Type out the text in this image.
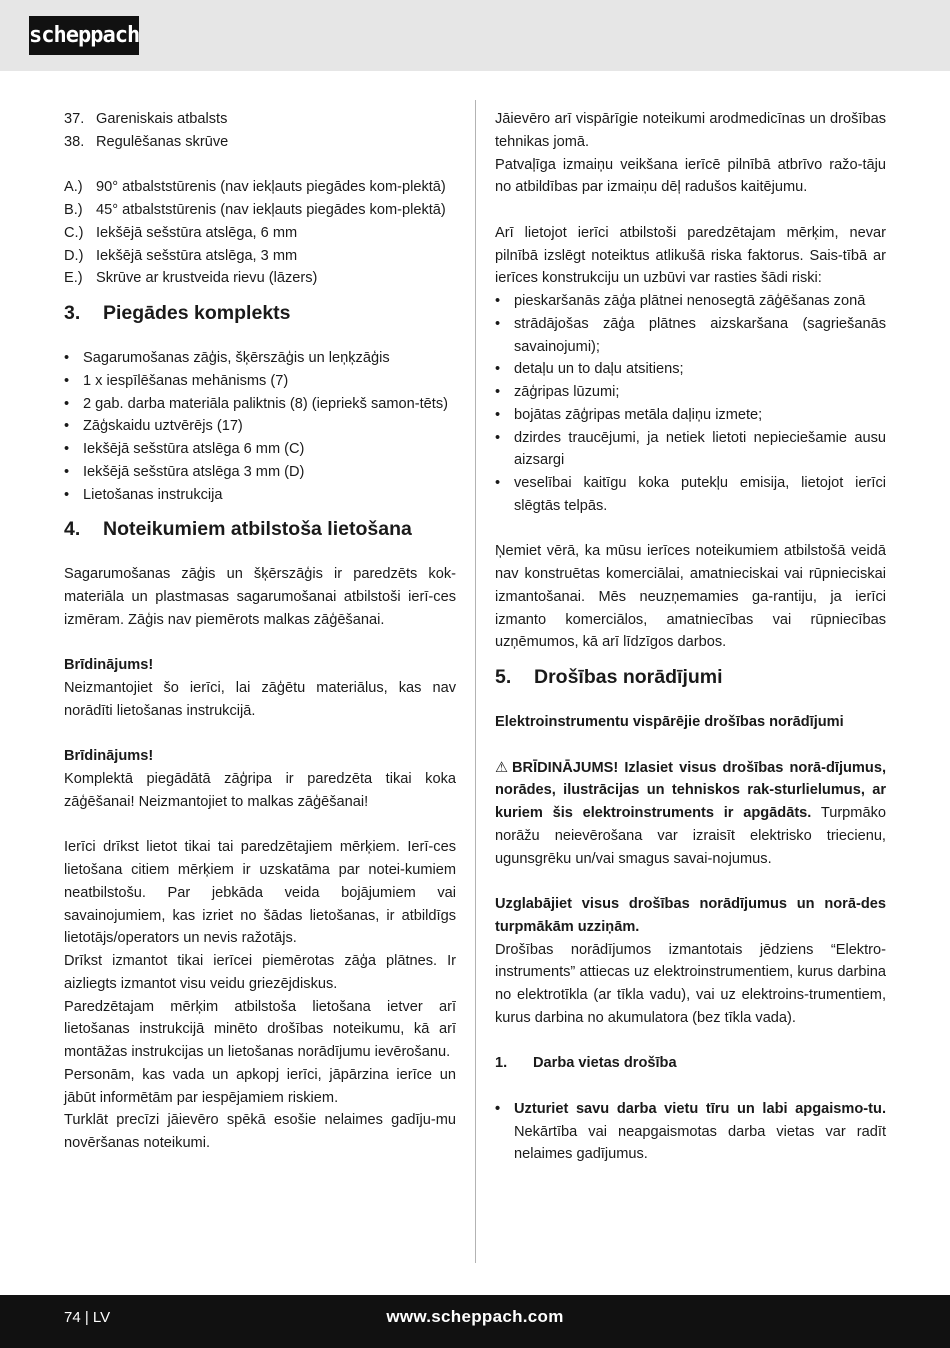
scheppach
37. Gareniskais atbalsts
38. Regulēšanas skrūve
A.) 90° atbalststūrenis (nav iekļauts piegādes kom-plektā)
B.) 45° atbalststūrenis (nav iekļauts piegādes kom-plektā)
C.) Iekšējā sešstūra atslēga, 6 mm
D.) Iekšējā sešstūra atslēga, 3 mm
E.) Skrūve ar krustveida rievu (lāzers)
3.	Piegādes komplekts
• Sagarumošanas zāģis, šķērszāģis un leņķzāģis
• 1 x iespīlēšanas mehānisms (7)
• 2 gab. darba materiāla paliktnis (8) (iepriekš samon-tēts)
• Zāģskaidu uztvērējs (17)
• Iekšējā sešstūra atslēga 6 mm (C)
• Iekšējā sešstūra atslēga 3 mm (D)
• Lietošanas instrukcija
4.	Noteikumiem atbilstoša lietošana
Sagarumošanas zāģis un šķērszāģis ir paredzēts kok-materiāla un plastmasas sagarumošanai atbilstoši ierī-ces izmēram. Zāģis nav piemērots malkas zāģēšanai.
Brīdinājums!
Neizmantojiet šo ierīci, lai zāģētu materiālus, kas nav norādīti lietošanas instrukcijā.
Brīdinājums!
Komplektā piegādātā zāģripa ir paredzēta tikai koka zāģēšanai! Neizmantojiet to malkas zāģēšanai!
Ierīci drīkst lietot tikai tai paredzētajiem mērķiem. Ierī-ces lietošana citiem mērķiem ir uzskatāma par notei-kumiem neatbilstošu. Par jebkāda veida bojājumiem vai savainojumiem, kas izriet no šādas lietošanas, ir atbildīgs lietotājs/operators un nevis ražotājs.
Drīkst izmantot tikai ierīcei piemērotas zāģa plātnes. Ir aizliegts izmantot visu veidu griezējdiskus.
Paredzētajam mērķim atbilstoša lietošana ietver arī lietošanas instrukcijā minēto drošības noteikumu, kā arī montāžas instrukcijas un lietošanas norādījumu ievērošanu.
Personām, kas vada un apkopj ierīci, jāpārzina ierīce un jābūt informētām par iespējamiem riskiem.
Turklāt precīzi jāievēro spēkā esošie nelaimes gadīju-mu novēršanas noteikumi.
Jāievēro arī vispārīgie noteikumi arodmedicīnas un drošības tehnikas jomā.
Patvaļīga izmaiņu veikšana ierīcē pilnībā atbrīvo ražo-tāju no atbildības par izmaiņu dēļ radušos kaitējumu.
Arī lietojot ierīci atbilstoši paredzētajam mērķim, nevar pilnībā izslēgt noteiktus atlikušā riska faktorus. Sais-tībā ar ierīces konstrukciju un uzbūvi var rasties šādi riski:
• pieskaršanās zāģa plātnei nenosegtā zāģēšanas zonā
• strādājošas zāģa plātnes aizskaršana (sagriešanās savainojumi);
• detaļu un to daļu atsitiens;
• zāģripas lūzumi;
• bojātas zāģripas metāla daļiņu izmete;
• dzirdes traucējumi, ja netiek lietoti nepieciešamie ausu aizsargi
• veselībai kaitīgu koka putekļu emisija, lietojot ierīci slēgtās telpās.
Ņemiet vērā, ka mūsu ierīces noteikumiem atbilstošā veidā nav konstruētas komerciālai, amatnieciskai vai rūpnieciskai izmantošanai. Mēs neuzņemamies ga-rantiju, ja ierīci izmanto komerciālos, amatniecības vai rūpniecības uzņēmumos, kā arī līdzīgos darbos.
5.	Drošības norādījumi
Elektroinstrumentu vispārējie drošības norādījumi
⚠ BRĪDINĀJUMS! Izlasiet visus drošības norā-dījumus, norādes, ilustrācijas un tehniskos rak-sturlielumus, ar kuriem šis elektroinstruments ir apgādāts. Turpmāko norāžu neievērošana var izraisīt elektrisko triecienu, ugunsgrēku un/vai smagus savai-nojumus.
Uzglabājiet visus drošības norādījumus un norā-des turpmākām uzziņām.
Drošības norādījumos izmantotais jēdziens “Elektro-instruments” attiecas uz elektroinstrumentiem, kurus darbina no elektrotīkla (ar tīkla vadu), vai uz elektroins-trumentiem, kurus darbina no akumulatora (bez tīkla vada).
1.	Darba vietas drošība
• Uzturiet savu darba vietu tīru un labi apgaismo-tu. Nekārtība vai neapgaismotas darba vietas var radīt nelaimes gadījumus.
74 | LV	www.scheppach.com
